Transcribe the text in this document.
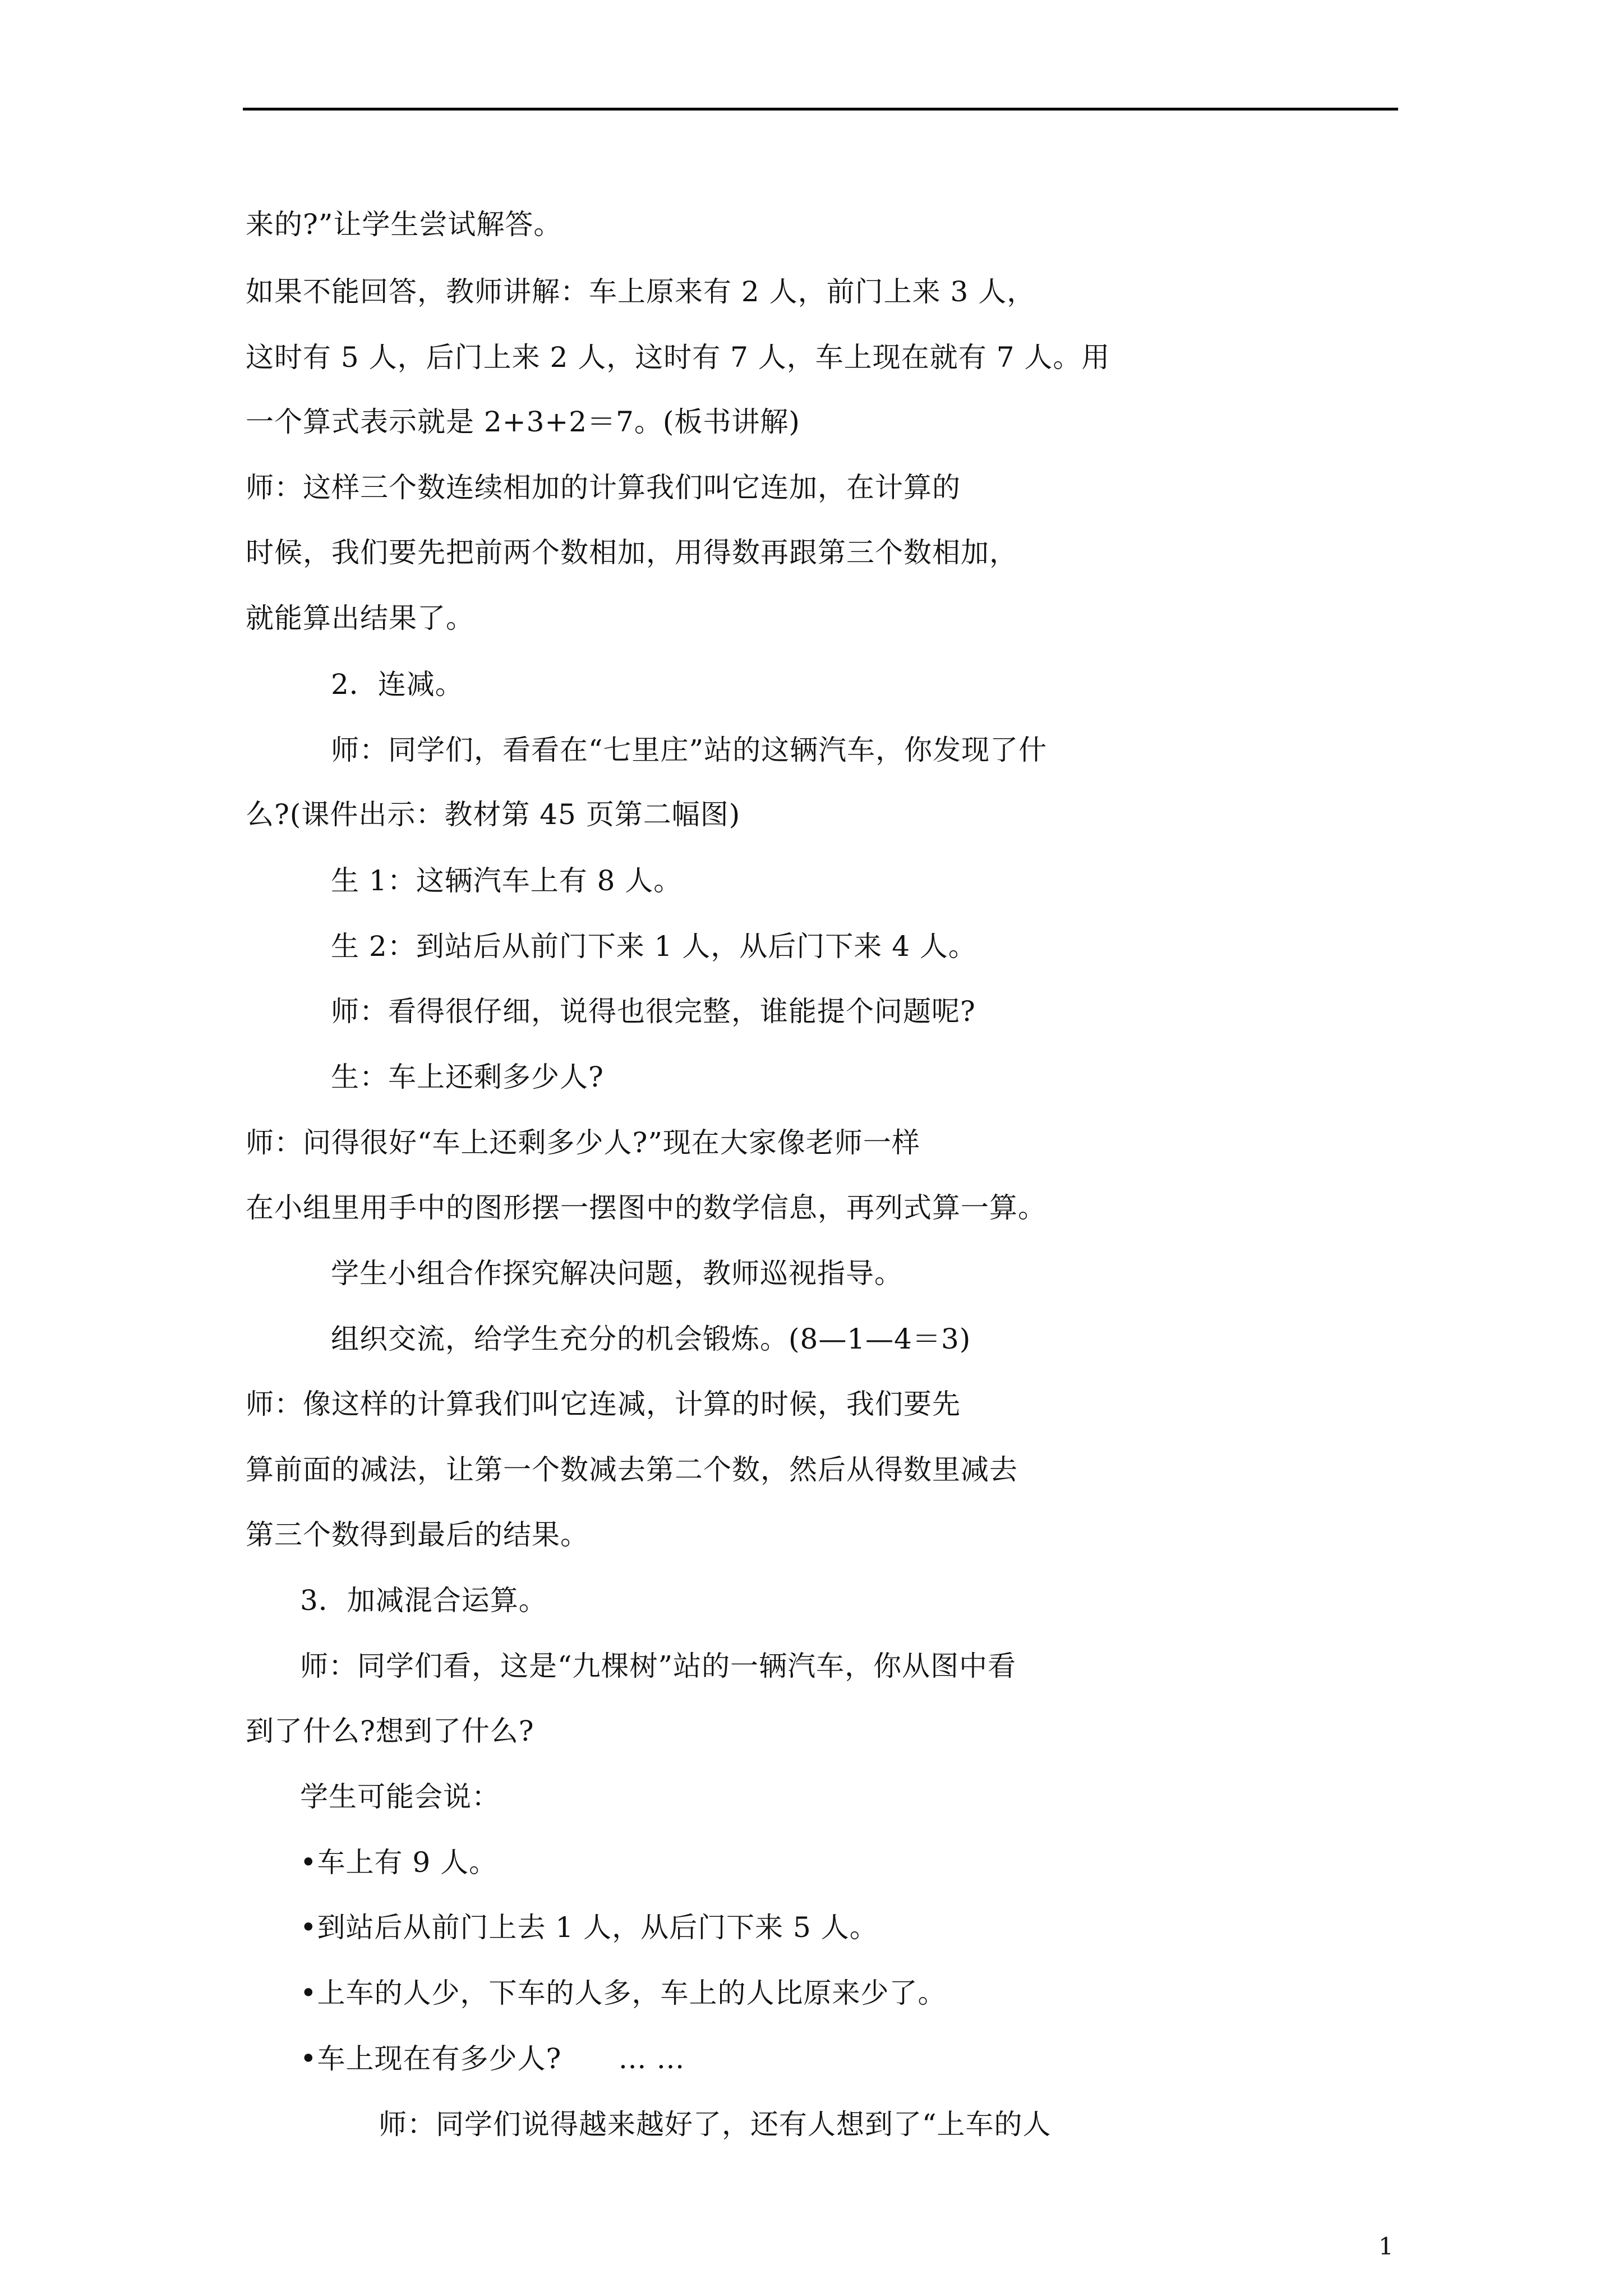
来的?”让学生尝试解答。
如果不能回答，教师讲解：车上原来有 2 人，前门上来 3 人，
这时有 5 人，后门上来 2 人，这时有 7 人，车上现在就有 7 人。用
一个算式表示就是 2+3+2＝7。(板书讲解)
师：这样三个数连续相加的计算我们叫它连加，在计算的
时候，我们要先把前两个数相加，用得数再跟第三个数相加，
就能算出结果了。
2．连减。
师：同学们，看看在“七里庄”站的这辆汽车，你发现了什
么?(课件出示：教材第 45 页第二幅图)
生 1：这辆汽车上有 8 人。
生 2：到站后从前门下来 1 人，从后门下来 4 人。
师：看得很仔细，说得也很完整，谁能提个问题呢?
生：车上还剩多少人?
师：问得很好“车上还剩多少人?”现在大家像老师一样
在小组里用手中的图形摆一摆图中的数学信息，再列式算一算。
学生小组合作探究解决问题，教师巡视指导。
组织交流，给学生充分的机会锻炼。(8—1—4＝3)
师：像这样的计算我们叫它连减，计算的时候，我们要先
算前面的减法，让第一个数减去第二个数，然后从得数里减去
第三个数得到最后的结果。
3．加减混合运算。
师：同学们看，这是“九棵树”站的一辆汽车，你从图中看
到了什么?想到了什么?
学生可能会说：
•车上有 9 人。
•到站后从前门上去 1 人，从后门下来 5 人。
•上车的人少，下车的人多，车上的人比原来少了。
•车上现在有多少人?      … …
师：同学们说得越来越好了，还有人想到了“上车的人
1
